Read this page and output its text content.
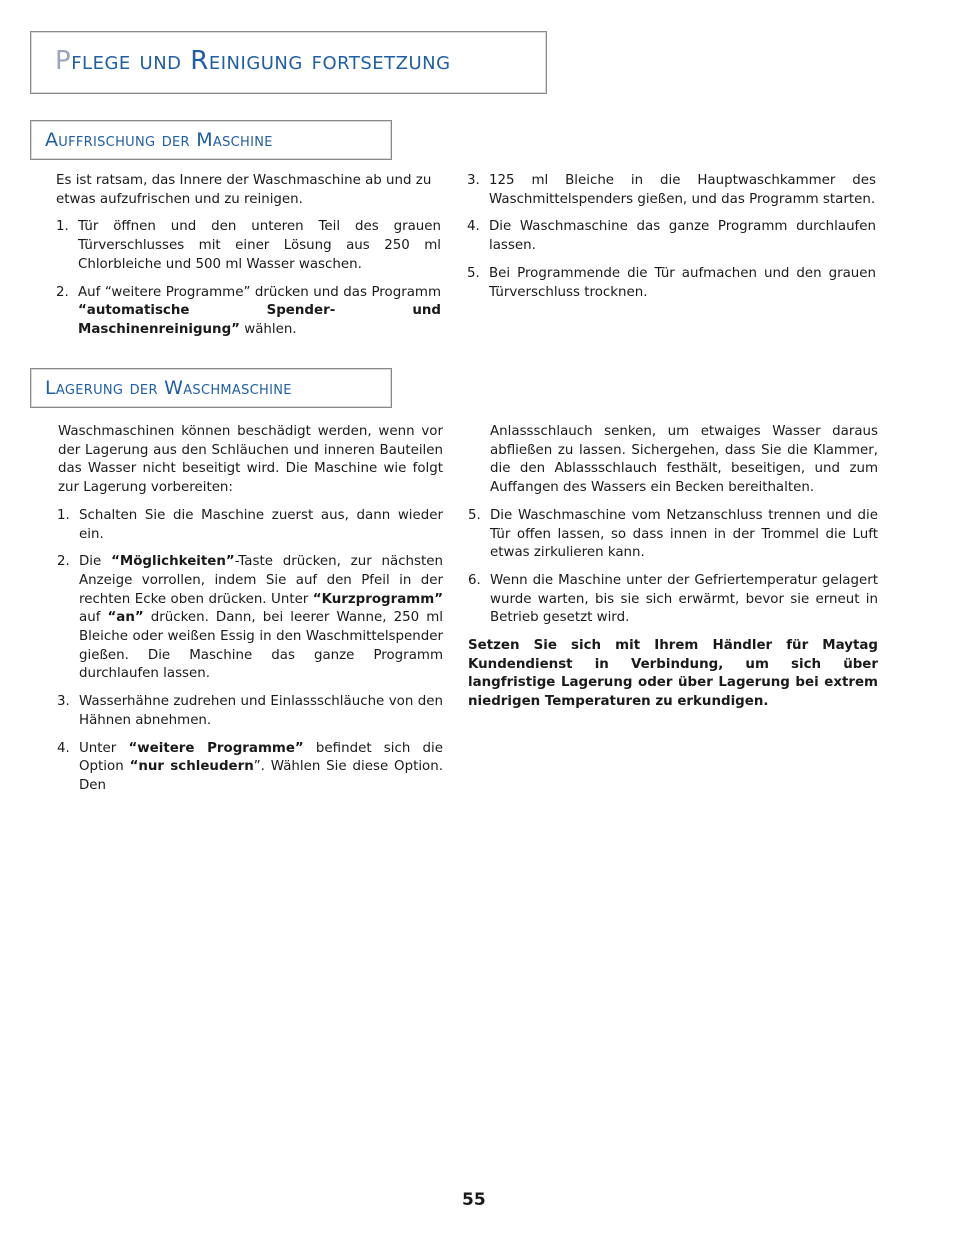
Pflege und Reinigung fortsetzung
Auffrischung der Maschine

Es ist ratsam, das Innere der Waschmaschine ab und zu etwas aufzufrischen und zu reinigen.

1. Tür öffnen und den unteren Teil des grauen Türverschlusses mit einer Lösung aus 250 ml Chlorbleiche und 500 ml Wasser waschen.
2. Auf “weitere Programme” drücken und das Programm “automatische Spender- und Maschinenreinigung” wählen.
3. 125 ml Bleiche in die Hauptwaschkammer des Waschmittelspenders gießen, und das Programm starten.
4. Die Waschmaschine das ganze Programm durchlaufen lassen.
5. Bei Programmende die Tür aufmachen und den grauen Türverschluss trocknen.
Lagerung der Waschmaschine

Waschmaschinen können beschädigt werden, wenn vor der Lagerung aus den Schläuchen und inneren Bauteilen das Wasser nicht beseitigt wird. Die Maschine wie folgt zur Lagerung vorbereiten:

1. Schalten Sie die Maschine zuerst aus, dann wieder ein.
2. Die “Möglichkeiten”-Taste drücken, zur nächsten Anzeige vorrollen, indem Sie auf den Pfeil in der rechten Ecke oben drücken. Unter “Kurzprogramm” auf “an” drücken. Dann, bei leerer Wanne, 250 ml Bleiche oder weißen Essig in den Waschmittelspender gießen. Die Maschine das ganze Programm durchlaufen lassen.
3. Wasserhähne zudrehen und Einlassschläuche von den Hähnen abnehmen.
4. Unter “weitere Programme” befindet sich die Option “nur schleudern”. Wählen Sie diese Option. Den

Anlassschlauch senken, um etwaiges Wasser daraus abfließen zu lassen. Sichergehen, dass Sie die Klammer, die den Ablassschlauch festhält, beseitigen, und zum Auffangen des Wassers ein Becken bereithalten.

5. Die Waschmaschine vom Netzanschluss trennen und die Tür offen lassen, so dass innen in der Trommel die Luft etwas zirkulieren kann.
6. Wenn die Maschine unter der Gefriertemperatur gelagert wurde warten, bis sie sich erwärmt, bevor sie erneut in Betrieb gesetzt wird.

Setzen Sie sich mit Ihrem Händler für Maytag Kundendienst in Verbindung, um sich über langfristige Lagerung oder über Lagerung bei extrem niedrigen Temperaturen zu erkundigen.

55
